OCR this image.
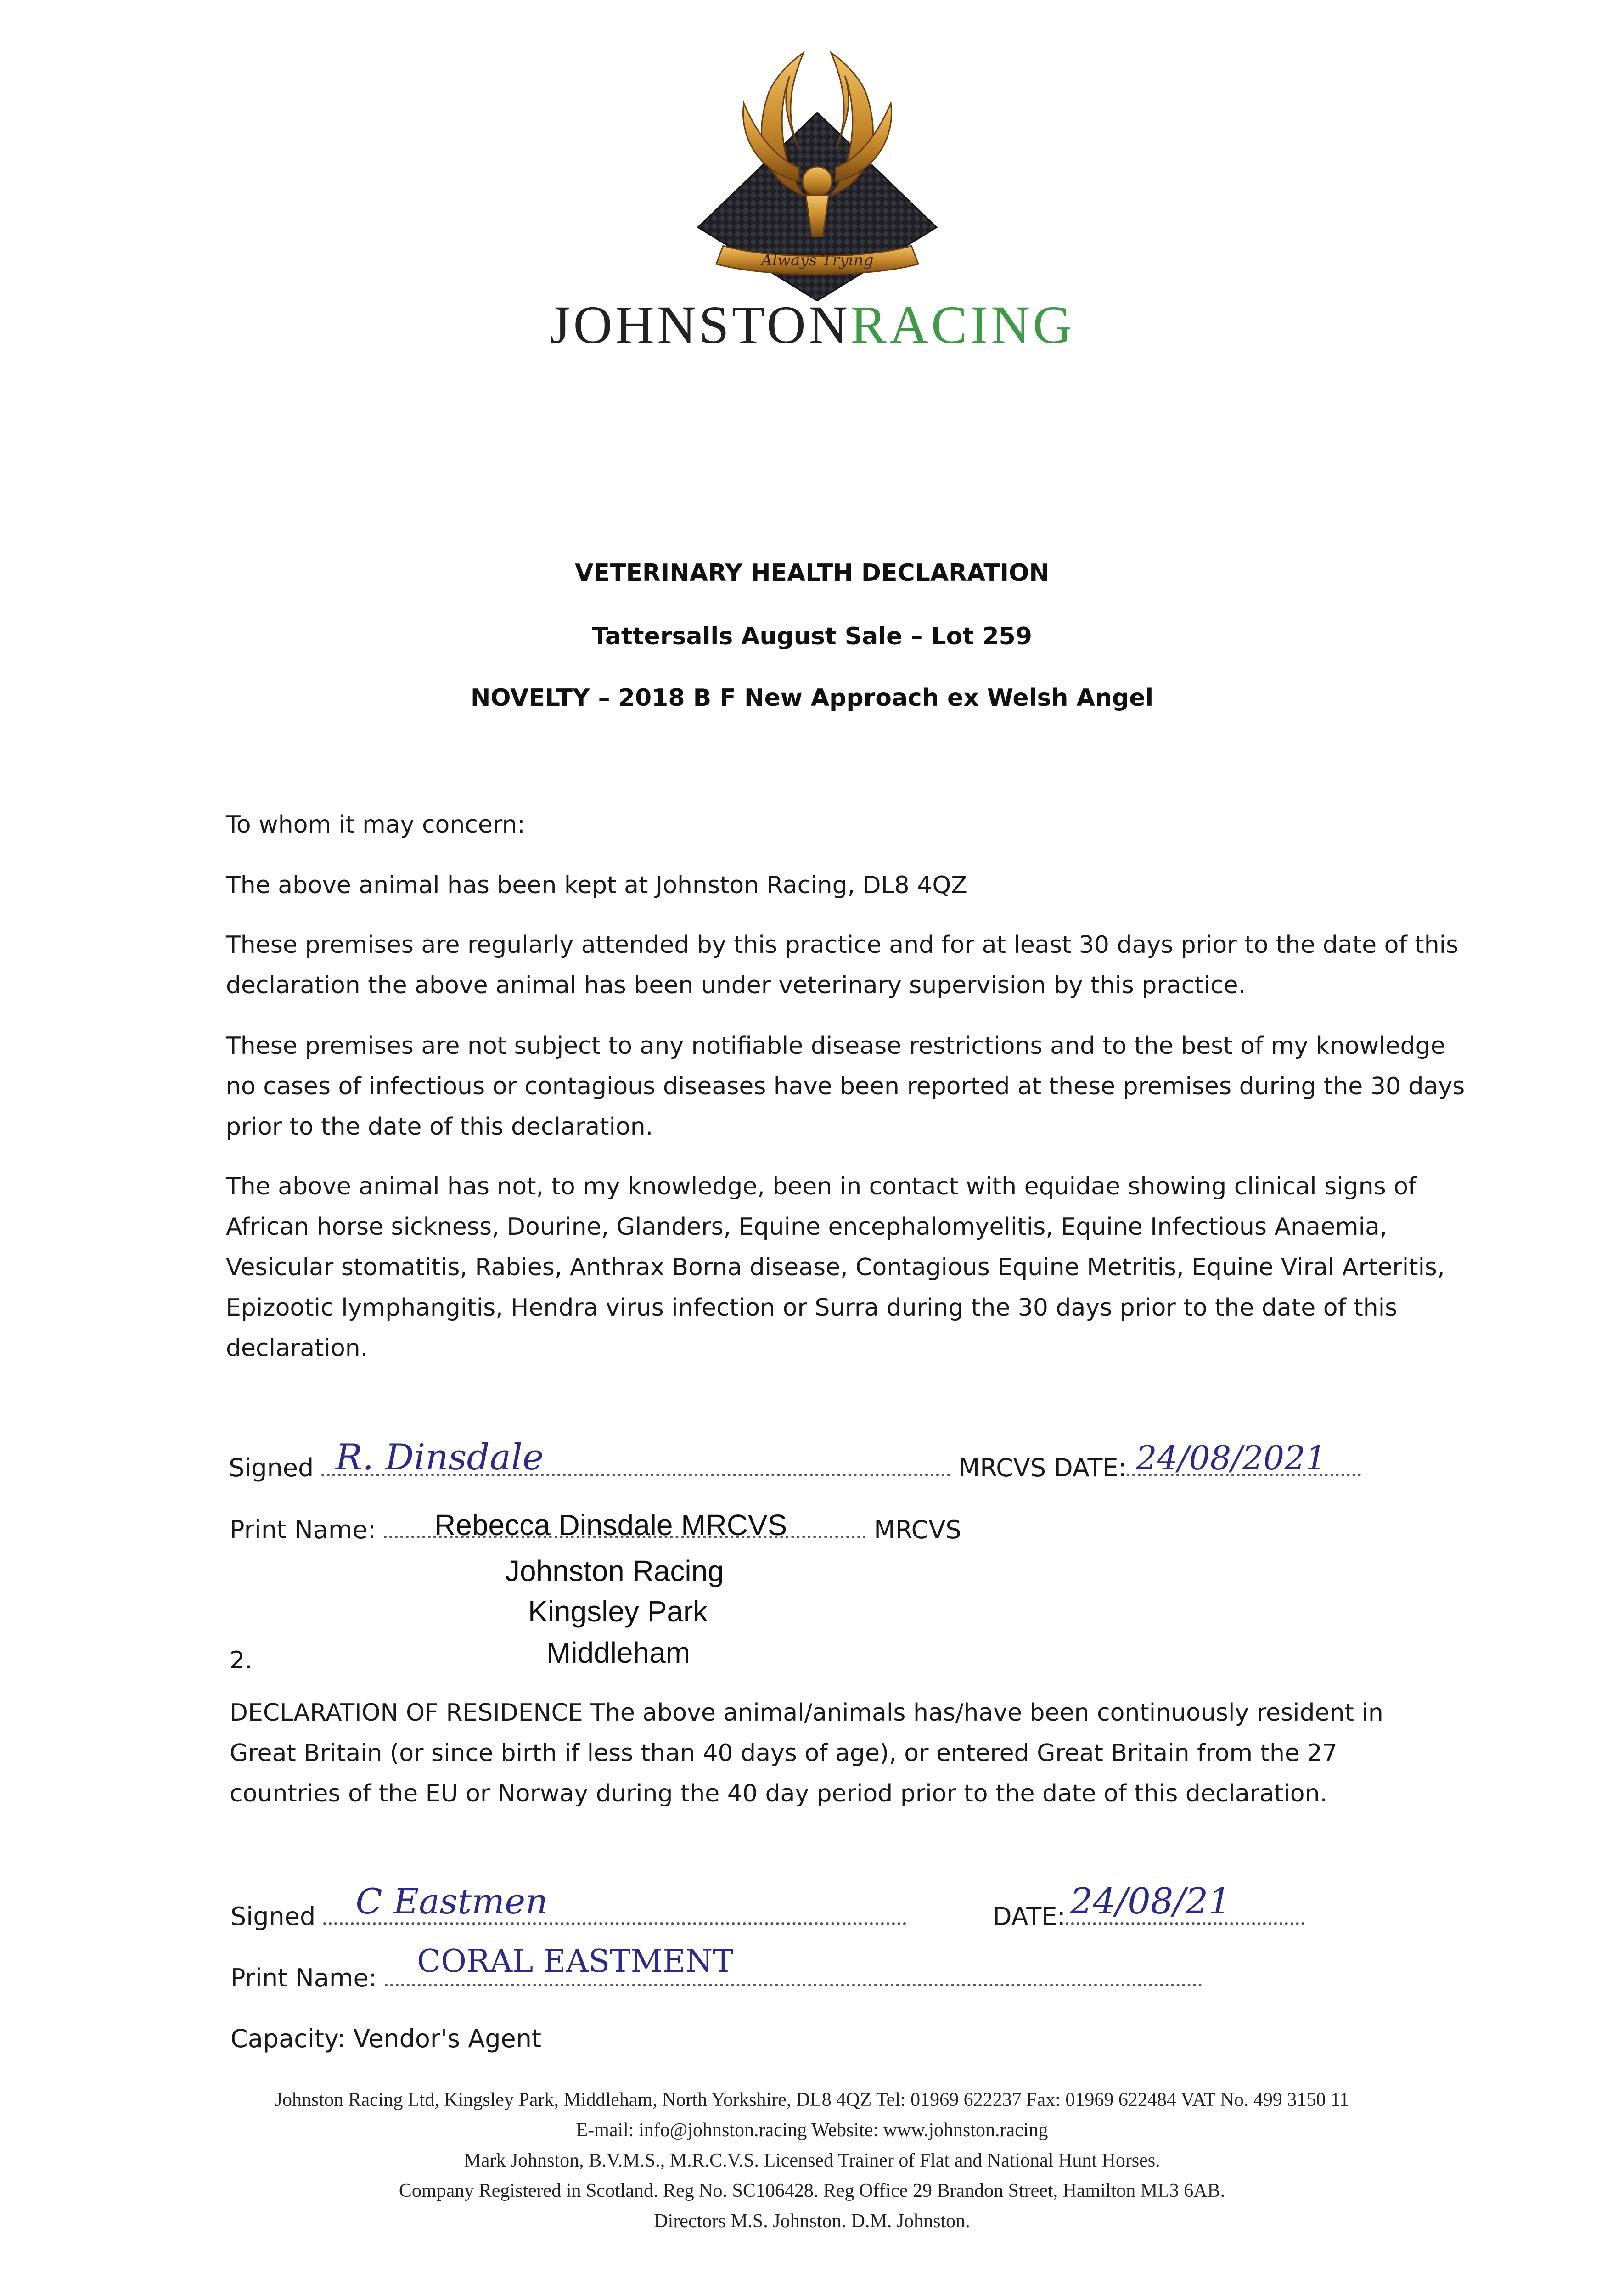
Always Trying
JOHNSTONRACING
VETERINARY HEALTH DECLARATION
Tattersalls August Sale – Lot 259
NOVELTY – 2018 B F New Approach ex Welsh Angel
To whom it may concern:
The above animal has been kept at Johnston Racing, DL8 4QZ
These premises are regularly attended by this practice and for at least 30 days prior to the date of this declaration the above animal has been under veterinary supervision by this practice.
These premises are not subject to any notifiable disease restrictions and to the best of my knowledge no cases of infectious or contagious diseases have been reported at these premises during the 30 days prior to the date of this declaration.
The above animal has not, to my knowledge, been in contact with equidae showing clinical signs of African horse sickness, Dourine, Glanders, Equine encephalomyelitis, Equine Infectious Anaemia, Vesicular stomatitis, Rabies, Anthrax Borna disease, Contagious Equine Metritis, Equine Viral Arteritis, Epizootic lymphangitis, Hendra virus infection or Surra during the 30 days prior to the date of this declaration.
Signed R. Dinsdale	MRCVS DATE: 24/08/2021
Print Name: Rebecca Dinsdale MRCVS	MRCVS
Johnston Racing
Kingsley Park
Middleham
2.
DECLARATION OF RESIDENCE The above animal/animals has/have been continuously resident in Great Britain (or since birth if less than 40 days of age), or entered Great Britain from the 27 countries of the EU or Norway during the 40 day period prior to the date of this declaration.
Signed C Eastmen	DATE: 24/08/21
Print Name: CORAL EASTMENT
Capacity: Vendor's Agent
Johnston Racing Ltd, Kingsley Park, Middleham, North Yorkshire, DL8 4QZ Tel: 01969 622237 Fax: 01969 622484 VAT No. 499 3150 11
E-mail: info@johnston.racing Website: www.johnston.racing
Mark Johnston, B.V.M.S., M.R.C.V.S. Licensed Trainer of Flat and National Hunt Horses.
Company Registered in Scotland. Reg No. SC106428. Reg Office 29 Brandon Street, Hamilton ML3 6AB.
Directors M.S. Johnston. D.M. Johnston.
